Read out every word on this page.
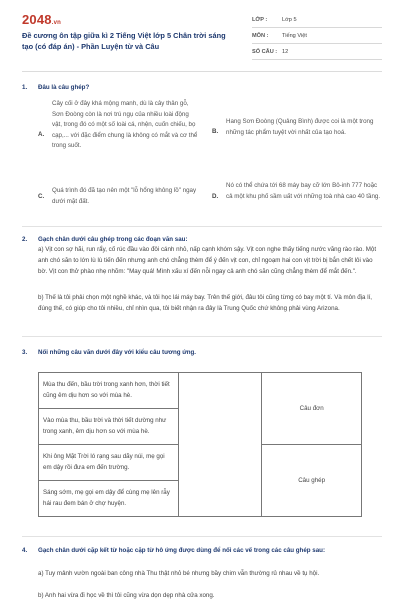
2048.vn
Đề cương ôn tập giữa kì 2 Tiếng Việt lớp 5 Chân trời sáng tạo (có đáp án) - Phần Luyện từ và Câu
LỚP :	Lớp 5
MÔN :	Tiếng Việt
SỐ CÂU : 12
1.	Đâu là câu ghép?
A.
Cây cối ở đây khá mộng manh, dù là cây thân gỗ, Sơn Đoòng còn là nơi trú ngụ của nhiều loài động vật, trong đó có một số loài cá, nhện, cuốn chiếu, bọ cạp,... với đặc điểm chung là không có mắt và cơ thể trong suốt.
B.
Hang Sơn Đoòng (Quảng Bình) được coi là một trong những tác phẩm tuyệt vời nhất của tạo hoá.
C.
Quá trình đó đã tạo nên một "lỗ hổng không lồ" ngay dưới mặt đất.
D.
Nó có thể chứa tới 68 máy bay cỡ lớn Bô-inh 777 hoặc cả một khu phố sầm uất với những toà nhà cao 40 tầng.
2.	Gạch chân dưới câu ghép trong các đoạn văn sau:
a) Vịt con sợ hãi, run rẩy, cố rúc đầu vào đôi cánh nhỏ, nấp cạnh khóm sậy. Vịt con nghe thấy tiếng nước văng rào rào. Một anh chó săn to lớn lù lù tiến đến nhưng anh chó chẳng thèm để ý đến vịt con, chỉ ngoạm hai con vịt trời bị bắn chết lôi vào bờ. Vịt con thở phào nhẹ nhõm: "May quá! Mình xấu xí đến nỗi ngay cả anh chó săn cũng chẳng thèm để mắt đến.".
b) Thế là tôi phải chọn một nghề khác, và tôi học lái máy bay. Trên thế giới, đâu tôi cũng từng có bay một tí. Và môn địa lí, đúng thế, có giúp cho tôi nhiều, chỉ nhìn qua, tôi biết nhận ra đây là Trung Quốc chứ không phải vùng Arizona.
3.	Nối những câu văn dưới đây với kiểu câu tương ứng.
Mùa thu đến, bầu trời trong xanh hơn, thời tiết cũng êm dịu hơn so với mùa hè.		Câu đơn
Vào mùa thu, bầu trời và thời tiết dường như trong xanh, êm dịu hơn so với mùa hè.		
Khi ông Mặt Trời ló rạng sau dãy núi, mẹ gọi em dậy rồi đưa em đến trường.		Câu ghép
Sáng sớm, mẹ gọi em dậy để cùng mẹ lên rẫy hái rau đem bán ở chợ huyện.		
4.	Gạch chân dưới cặp kết từ hoặc cặp từ hô ứng được dùng để nối các vế trong các câu ghép sau:
a) Tuy mảnh vườn ngoài ban công nhà Thu thật nhỏ bé nhưng bầy chim vẫn thường rủ nhau về tụ hội.
b) Anh hai vừa đi học về thì tôi cũng vừa dọn dẹp nhà cửa xong.
